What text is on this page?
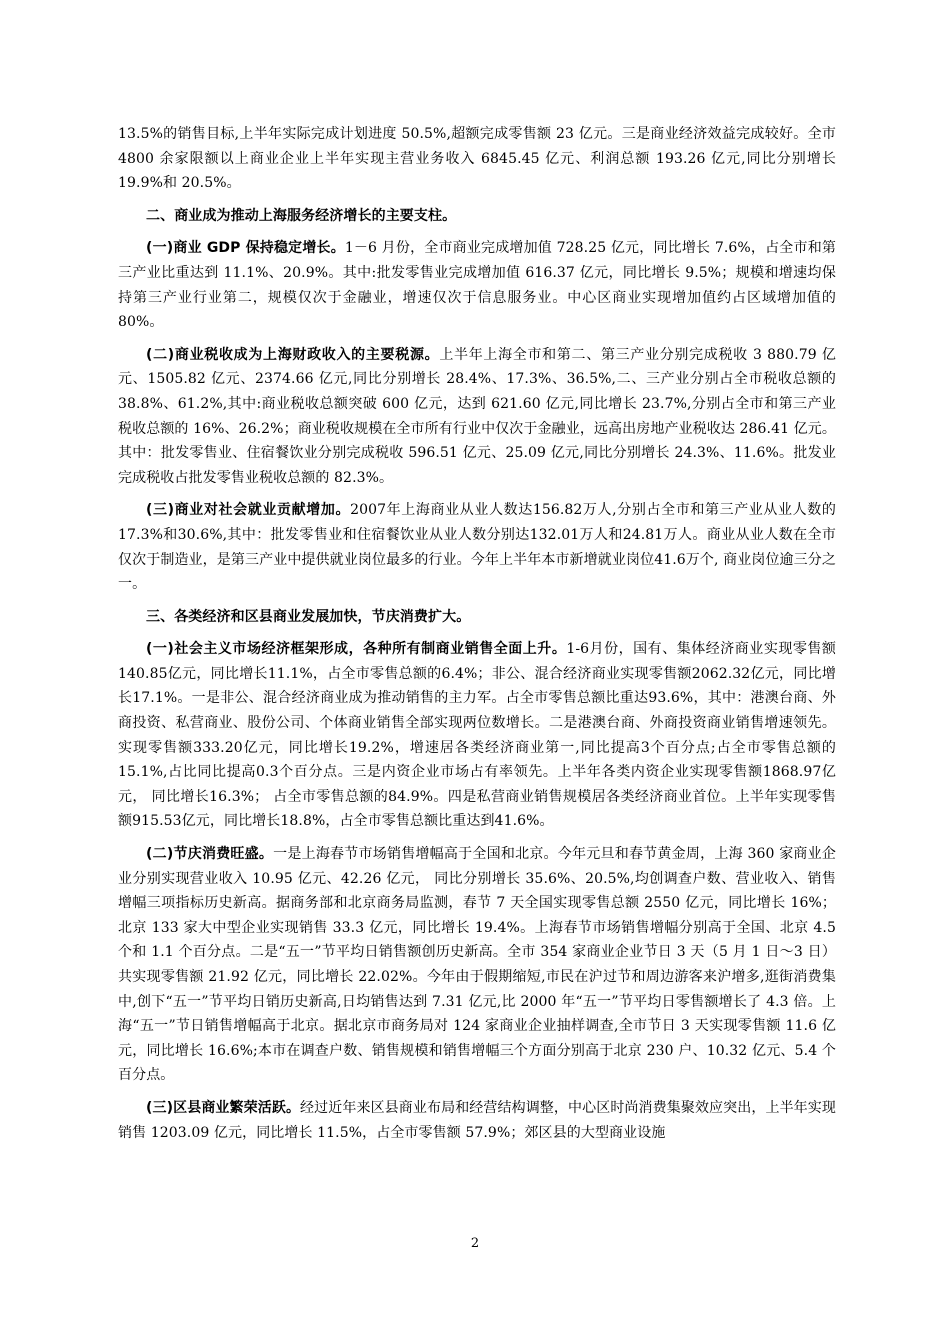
13.5%的销售目标,上半年实际完成计划进度 50.5%,超额完成零售额 23 亿元。三是商业经济效益完成较好。全市 4800 余家限额以上商业企业上半年实现主营业务收入 6845.45 亿元、利润总额 193.26 亿元,同比分别增长 19.9%和 20.5%。

二、商业成为推动上海服务经济增长的主要支柱。

(一)商业 GDP 保持稳定增长。1－6 月份，全市商业完成增加值 728.25 亿元，同比增长 7.6%，占全市和第三产业比重达到 11.1%、20.9%。其中:批发零售业完成增加值 616.37 亿元，同比增长 9.5%；规模和增速均保持第三产业行业第二，规模仅次于金融业，增速仅次于信息服务业。中心区商业实现增加值约占区域增加值的 80%。

(二)商业税收成为上海财政收入的主要税源。上半年上海全市和第二、第三产业分别完成税收 3 880.79 亿元、1505.82 亿元、2374.66 亿元,同比分别增长 28.4%、17.3%、36.5%,二、三产业分别占全市税收总额的 38.8%、61.2%,其中:商业税收总额突破 600 亿元，达到 621.60 亿元,同比增长 23.7%,分别占全市和第三产业税收总额的 16%、26.2%；商业税收规模在全市所有行业中仅次于金融业，远高出房地产业税收达 286.41 亿元。其中：批发零售业、住宿餐饮业分别完成税收 596.51 亿元、25.09 亿元,同比分别增长 24.3%、11.6%。批发业完成税收占批发零售业税收总额的 82.3%。

(三)商业对社会就业贡献增加。2007年上海商业从业人数达156.82万人,分别占全市和第三产业从业人数的17.3%和30.6%,其中：批发零售业和住宿餐饮业从业人数分别达132.01万人和24.81万人。商业从业人数在全市仅次于制造业，是第三产业中提供就业岗位最多的行业。今年上半年本市新增就业岗位41.6万个, 商业岗位逾三分之一。

三、各类经济和区县商业发展加快，节庆消费扩大。

(一)社会主义市场经济框架形成，各种所有制商业销售全面上升。1-6月份，国有、集体经济商业实现零售额140.85亿元，同比增长11.1%，占全市零售总额的6.4%；非公、混合经济商业实现零售额2062.32亿元，同比增长17.1%。一是非公、混合经济商业成为推动销售的主力军。占全市零售总额比重达93.6%，其中：港澳台商、外商投资、私营商业、股份公司、个体商业销售全部实现两位数增长。二是港澳台商、外商投资商业销售增速领先。实现零售额333.20亿元，同比增长19.2%，增速居各类经济商业第一,同比提高3个百分点;占全市零售总额的15.1%,占比同比提高0.3个百分点。三是内资企业市场占有率领先。上半年各类内资企业实现零售额1868.97亿元， 同比增长16.3%； 占全市零售总额的84.9%。四是私营商业销售规模居各类经济商业首位。上半年实现零售额915.53亿元，同比增长18.8%，占全市零售总额比重达到41.6%。

(二)节庆消费旺盛。一是上海春节市场销售增幅高于全国和北京。今年元旦和春节黄金周，上海 360 家商业企业分别实现营业收入 10.95 亿元、42.26 亿元， 同比分别增长 35.6%、20.5%,均创调查户数、营业收入、销售增幅三项指标历史新高。据商务部和北京商务局监测，春节 7 天全国实现零售总额 2550 亿元，同比增长 16%；北京 133 家大中型企业实现销售 33.3 亿元，同比增长 19.4%。上海春节市场销售增幅分别高于全国、北京 4.5 个和 1.1 个百分点。二是“五一”节平均日销售额创历史新高。全市 354 家商业企业节日 3 天（5 月 1 日～3 日）共实现零售额 21.92 亿元，同比增长 22.02%。今年由于假期缩短,市民在沪过节和周边游客来沪增多,逛街消费集中,创下“五一”节平均日销历史新高,日均销售达到 7.31 亿元,比 2000 年“五一”节平均日零售额增长了 4.3 倍。上海“五一”节日销售增幅高于北京。据北京市商务局对 124 家商业企业抽样调查,全市节日 3 天实现零售额 11.6 亿元，同比增长 16.6%;本市在调查户数、销售规模和销售增幅三个方面分别高于北京 230 户、10.32 亿元、5.4 个百分点。

(三)区县商业繁荣活跃。经过近年来区县商业布局和经营结构调整，中心区时尚消费集聚效应突出，上半年实现销售 1203.09 亿元，同比增长 11.5%，占全市零售额 57.9%；郊区县的大型商业设施

2
